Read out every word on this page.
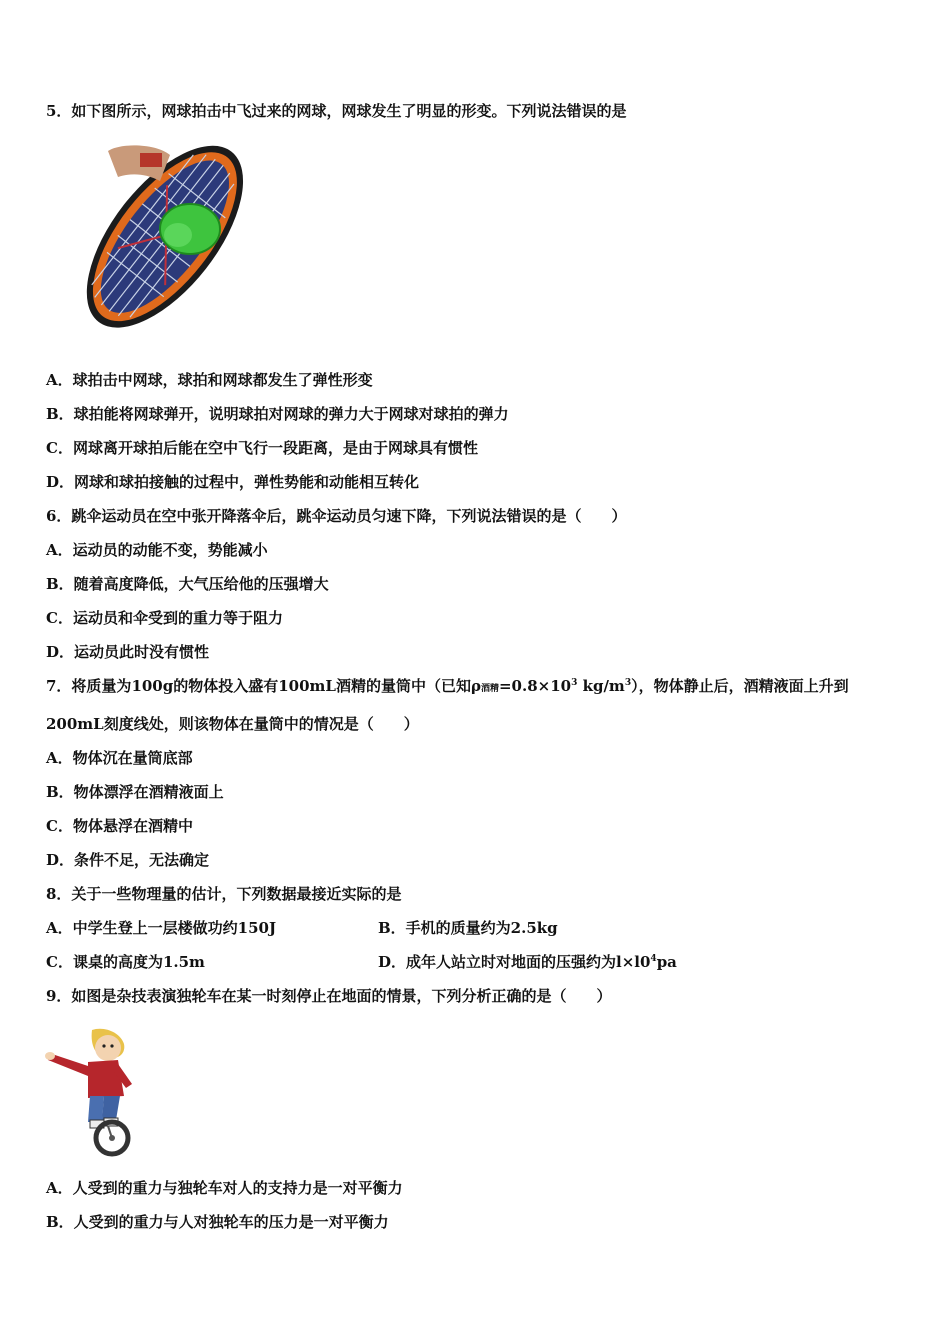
5．如下图所示，网球拍击中飞过来的网球，网球发生了明显的形变。下列说法错误的是
A．球拍击中网球，球拍和网球都发生了弹性形变
B．球拍能将网球弹开，说明球拍对网球的弹力大于网球对球拍的弹力
C．网球离开球拍后能在空中飞行一段距离，是由于网球具有惯性
D．网球和球拍接触的过程中，弹性势能和动能相互转化
6．跳伞运动员在空中张开降落伞后，跳伞运动员匀速下降，下列说法错误的是（　　）
A．运动员的动能不变，势能减小
B．随着高度降低，大气压给他的压强增大
C．运动员和伞受到的重力等于阻力
D．运动员此时没有惯性
7．将质量为100g的物体投入盛有100mL酒精的量筒中（已知ρ酒精$=0.8\times 10^3$ $kg/m^3$），物体静止后，酒精液面上升到
200mL刻度线处，则该物体在量筒中的情况是（　　）
A．物体沉在量筒底部
B．物体漂浮在酒精液面上
C．物体悬浮在酒精中
D．条件不足，无法确定
8．关于一些物理量的估计，下列数据最接近实际的是
A．中学生登上一层楼做功约150J	B．手机的质量约为2.5kg
C．课桌的高度为1.5m	D．成年人站立时对地面的压强约为$l\times l0^4pa$
9．如图是杂技表演独轮车在某一时刻停止在地面的情景，下列分析正确的是（　　）
A．人受到的重力与独轮车对人的支持力是一对平衡力
B．人受到的重力与人对独轮车的压力是一对平衡力
